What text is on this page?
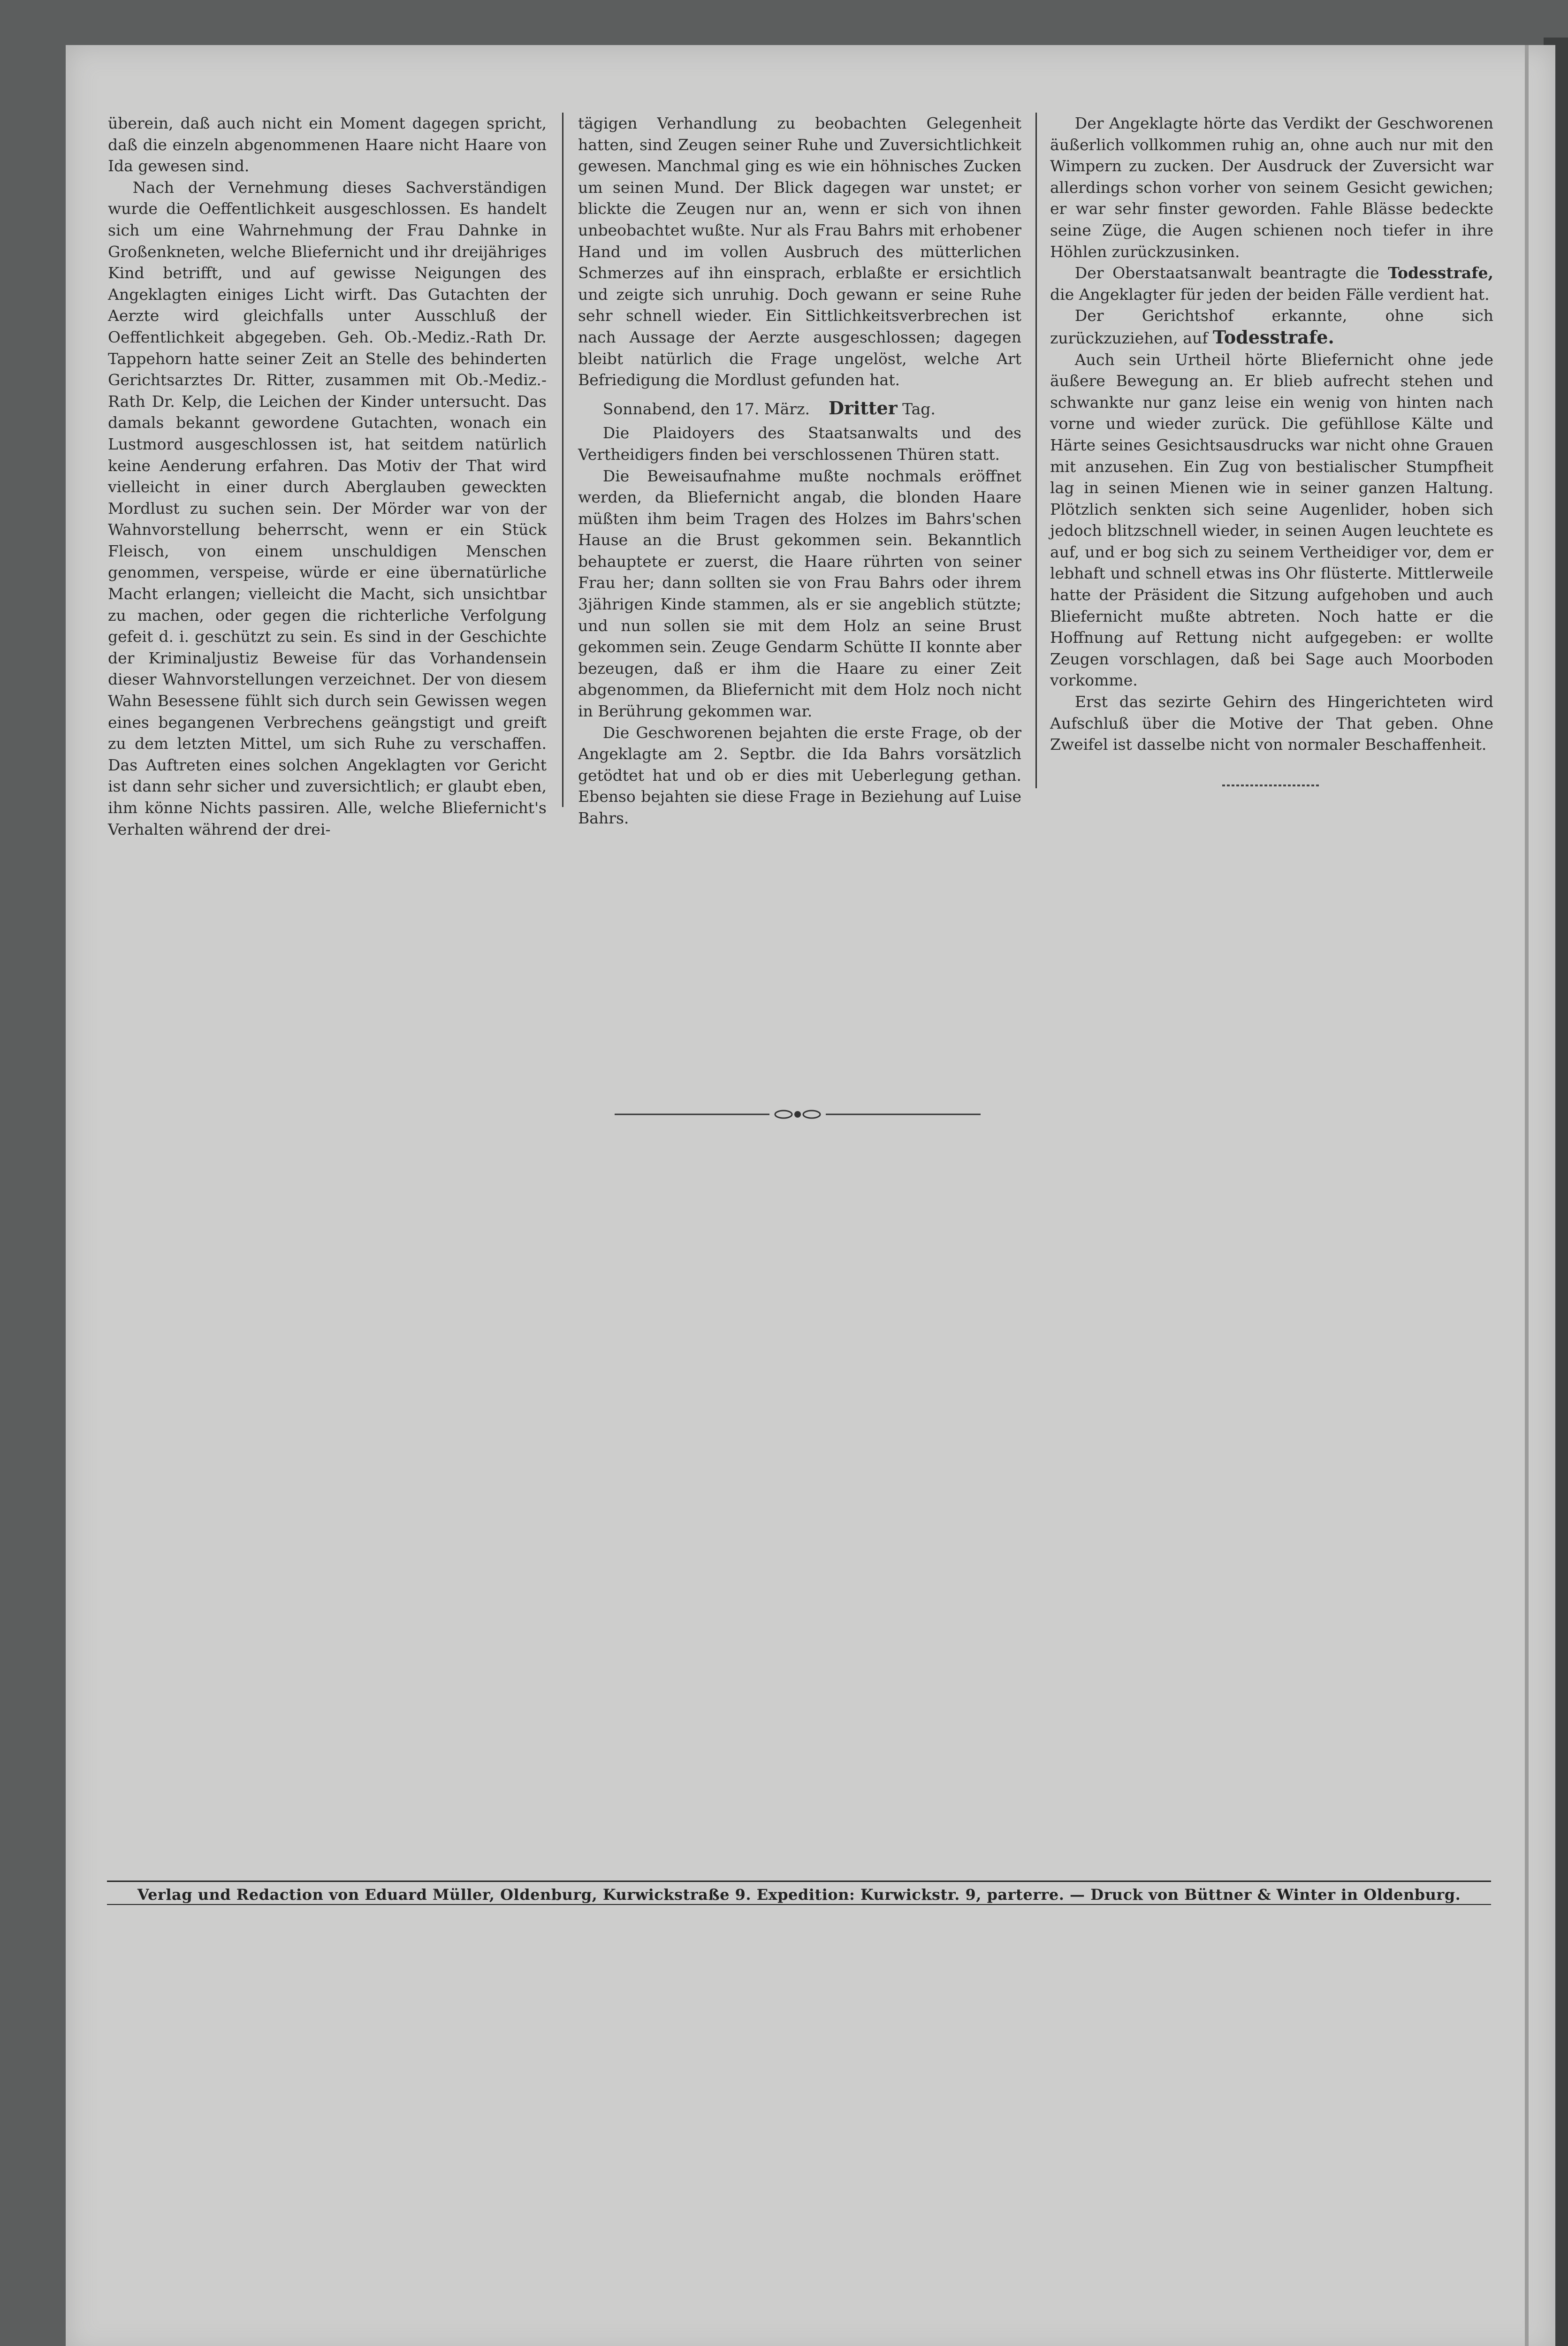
überein, daß auch nicht ein Moment dagegen spricht, daß die einzeln abgenommenen Haare nicht Haare von Ida gewesen sind.

Nach der Vernehmung dieses Sachverständigen wurde die Oeffentlichkeit ausgeschlossen. Es handelt sich um eine Wahrnehmung der Frau Dahnke in Großenkneten, welche Bliefernicht und ihr dreijähriges Kind betrifft, und auf gewisse Neigungen des Angeklagten einiges Licht wirft. Das Gutachten der Aerzte wird gleichfalls unter Ausschluß der Oeffentlichkeit abgegeben. Geh. Ob.-Mediz.-Rath Dr. Tappehorn hatte seiner Zeit an Stelle des behinderten Gerichtsarztes Dr. Ritter, zusammen mit Ob.-Mediz.-Rath Dr. Kelp, die Leichen der Kinder untersucht. Das damals bekannt gewordene Gutachten, wonach ein Lustmord ausgeschlossen ist, hat seitdem natürlich keine Aenderung erfahren. Das Motiv der That wird vielleicht in einer durch Aberglauben geweckten Mordlust zu suchen sein. Der Mörder war von der Wahnvorstellung beherrscht, wenn er ein Stück Fleisch, von einem unschuldigen Menschen genommen, verspeise, würde er eine übernatürliche Macht erlangen; vielleicht die Macht, sich unsichtbar zu machen, oder gegen die richterliche Verfolgung gefeit d. i. geschützt zu sein. Es sind in der Geschichte der Kriminaljustiz Beweise für das Vorhandensein dieser Wahnvorstellungen verzeichnet. Der von diesem Wahn Besessene fühlt sich durch sein Gewissen wegen eines begangenen Verbrechens geängstigt und greift zu dem letzten Mittel, um sich Ruhe zu verschaffen. Das Auftreten eines solchen Angeklagten vor Gericht ist dann sehr sicher und zuversichtlich; er glaubt eben, ihm könne Nichts passiren. Alle, welche Bliefernicht's Verhalten während der drei-

tägigen Verhandlung zu beobachten Gelegenheit hatten, sind Zeugen seiner Ruhe und Zuversichtlichkeit gewesen. Manchmal ging es wie ein höhnisches Zucken um seinen Mund. Der Blick dagegen war unstet; er blickte die Zeugen nur an, wenn er sich von ihnen unbeobachtet wußte. Nur als Frau Bahrs mit erhobener Hand und im vollen Ausbruch des mütterlichen Schmerzes auf ihn einsprach, erblaßte er ersichtlich und zeigte sich unruhig. Doch gewann er seine Ruhe sehr schnell wieder. Ein Sittlichkeitsverbrechen ist nach Aussage der Aerzte ausgeschlossen; dagegen bleibt natürlich die Frage ungelöst, welche Art Befriedigung die Mordlust gefunden hat.

Sonnabend, den 17. März. Dritter Tag.

Die Plaidoyers des Staatsanwalts und des Vertheidigers finden bei verschlossenen Thüren statt.

Die Beweisaufnahme mußte nochmals eröffnet werden, da Bliefernicht angab, die blonden Haare müßten ihm beim Tragen des Holzes im Bahrs'schen Hause an die Brust gekommen sein. Bekanntlich behauptete er zuerst, die Haare rührten von seiner Frau her; dann sollten sie von Frau Bahrs oder ihrem 3jährigen Kinde stammen, als er sie angeblich stützte; und nun sollen sie mit dem Holz an seine Brust gekommen sein. Zeuge Gendarm Schütte II konnte aber bezeugen, daß er ihm die Haare zu einer Zeit abgenommen, da Bliefernicht mit dem Holz noch nicht in Berührung gekommen war.

Die Geschworenen bejahten die erste Frage, ob der Angeklagte am 2. Septbr. die Ida Bahrs vorsätzlich getödtet hat und ob er dies mit Ueberlegung gethan. Ebenso bejahten sie diese Frage in Beziehung auf Luise Bahrs.

Der Angeklagte hörte das Verdikt der Geschworenen äußerlich vollkommen ruhig an, ohne auch nur mit den Wimpern zu zucken. Der Ausdruck der Zuversicht war allerdings schon vorher von seinem Gesicht gewichen; er war sehr finster geworden. Fahle Blässe bedeckte seine Züge, die Augen schienen noch tiefer in ihre Höhlen zurückzusinken.

Der Oberstaatsanwalt beantragte die Todesstrafe, die Angeklagter für jeden der beiden Fälle verdient hat.

Der Gerichtshof erkannte, ohne sich zurückzuziehen, auf Todesstrafe.

Auch sein Urtheil hörte Bliefernicht ohne jede äußere Bewegung an. Er blieb aufrecht stehen und schwankte nur ganz leise ein wenig von hinten nach vorne und wieder zurück. Die gefühllose Kälte und Härte seines Gesichtsausdrucks war nicht ohne Grauen mit anzusehen. Ein Zug von bestialischer Stumpfheit lag in seinen Mienen wie in seiner ganzen Haltung. Plötzlich senkten sich seine Augenlider, hoben sich jedoch blitzschnell wieder, in seinen Augen leuchtete es auf, und er bog sich zu seinem Vertheidiger vor, dem er lebhaft und schnell etwas ins Ohr flüsterte. Mittlerweile hatte der Präsident die Sitzung aufgehoben und auch Bliefernicht mußte abtreten. Noch hatte er die Hoffnung auf Rettung nicht aufgegeben: er wollte Zeugen vorschlagen, daß bei Sage auch Moorboden vorkomme.

Erst das sezirte Gehirn des Hingerichteten wird Aufschluß über die Motive der That geben. Ohne Zweifel ist dasselbe nicht von normaler Beschaffenheit.

Verlag und Redaction von Eduard Müller, Oldenburg, Kurwickstraße 9. Expedition: Kurwickstr. 9, parterre. — Druck von Büttner & Winter in Oldenburg.
